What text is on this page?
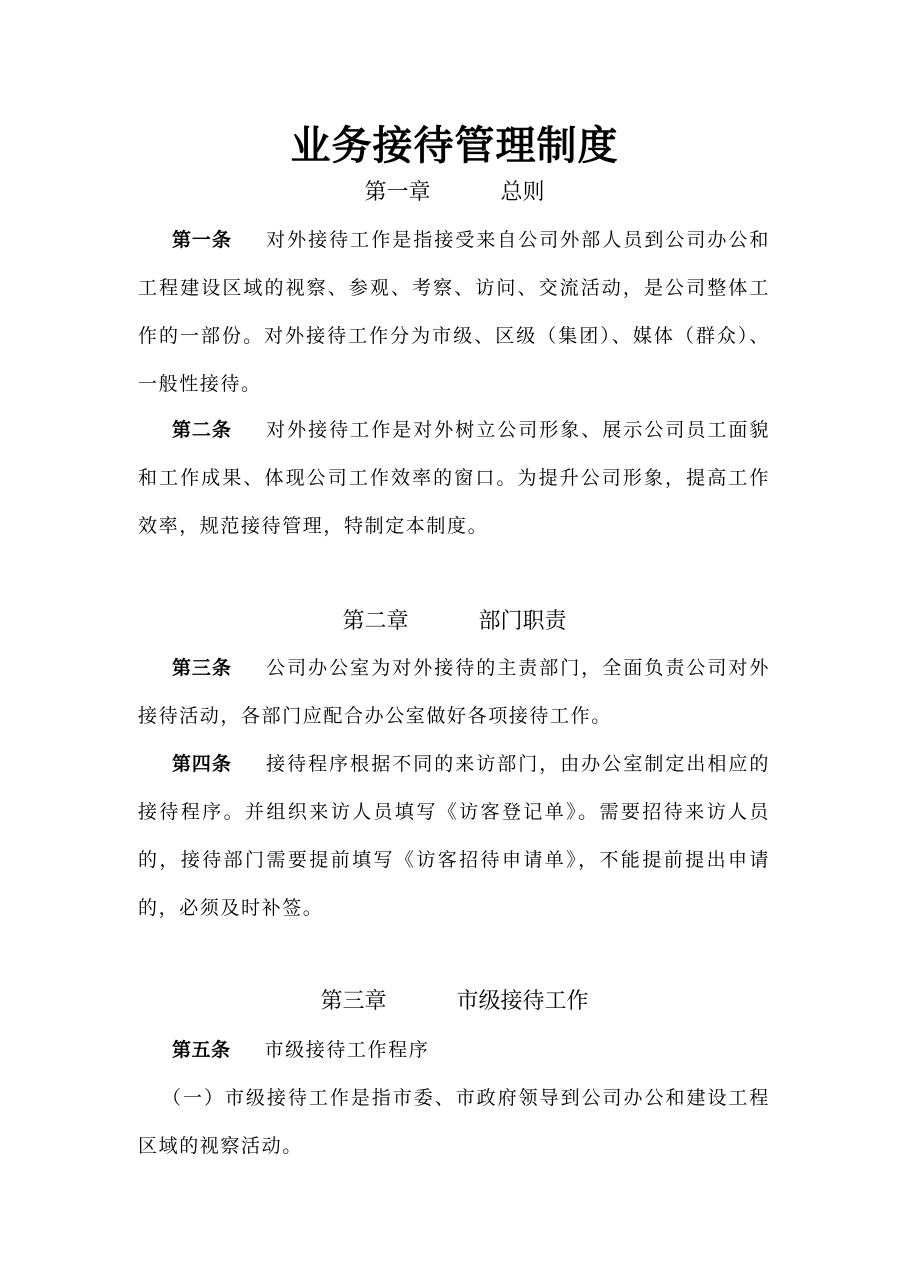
业务接待管理制度
第一章	总则
第一条 对外接待工作是指接受来自公司外部人员到公司办公和工程建设区域的视察、参观、考察、访问、交流活动，是公司整体工作的一部份。对外接待工作分为市级、区级（集团）、媒体（群众）、一般性接待。
第二条 对外接待工作是对外树立公司形象、展示公司员工面貌和工作成果、体现公司工作效率的窗口。为提升公司形象，提高工作效率，规范接待管理，特制定本制度。
第二章	部门职责
第三条 公司办公室为对外接待的主责部门，全面负责公司对外接待活动，各部门应配合办公室做好各项接待工作。
第四条 接待程序根据不同的来访部门，由办公室制定出相应的接待程序。并组织来访人员填写《访客登记单》。需要招待来访人员的，接待部门需要提前填写《访客招待申请单》，不能提前提出申请的，必须及时补签。
第三章	市级接待工作
第五条 市级接待工作程序
（一）市级接待工作是指市委、市政府领导到公司办公和建设工程区域的视察活动。
